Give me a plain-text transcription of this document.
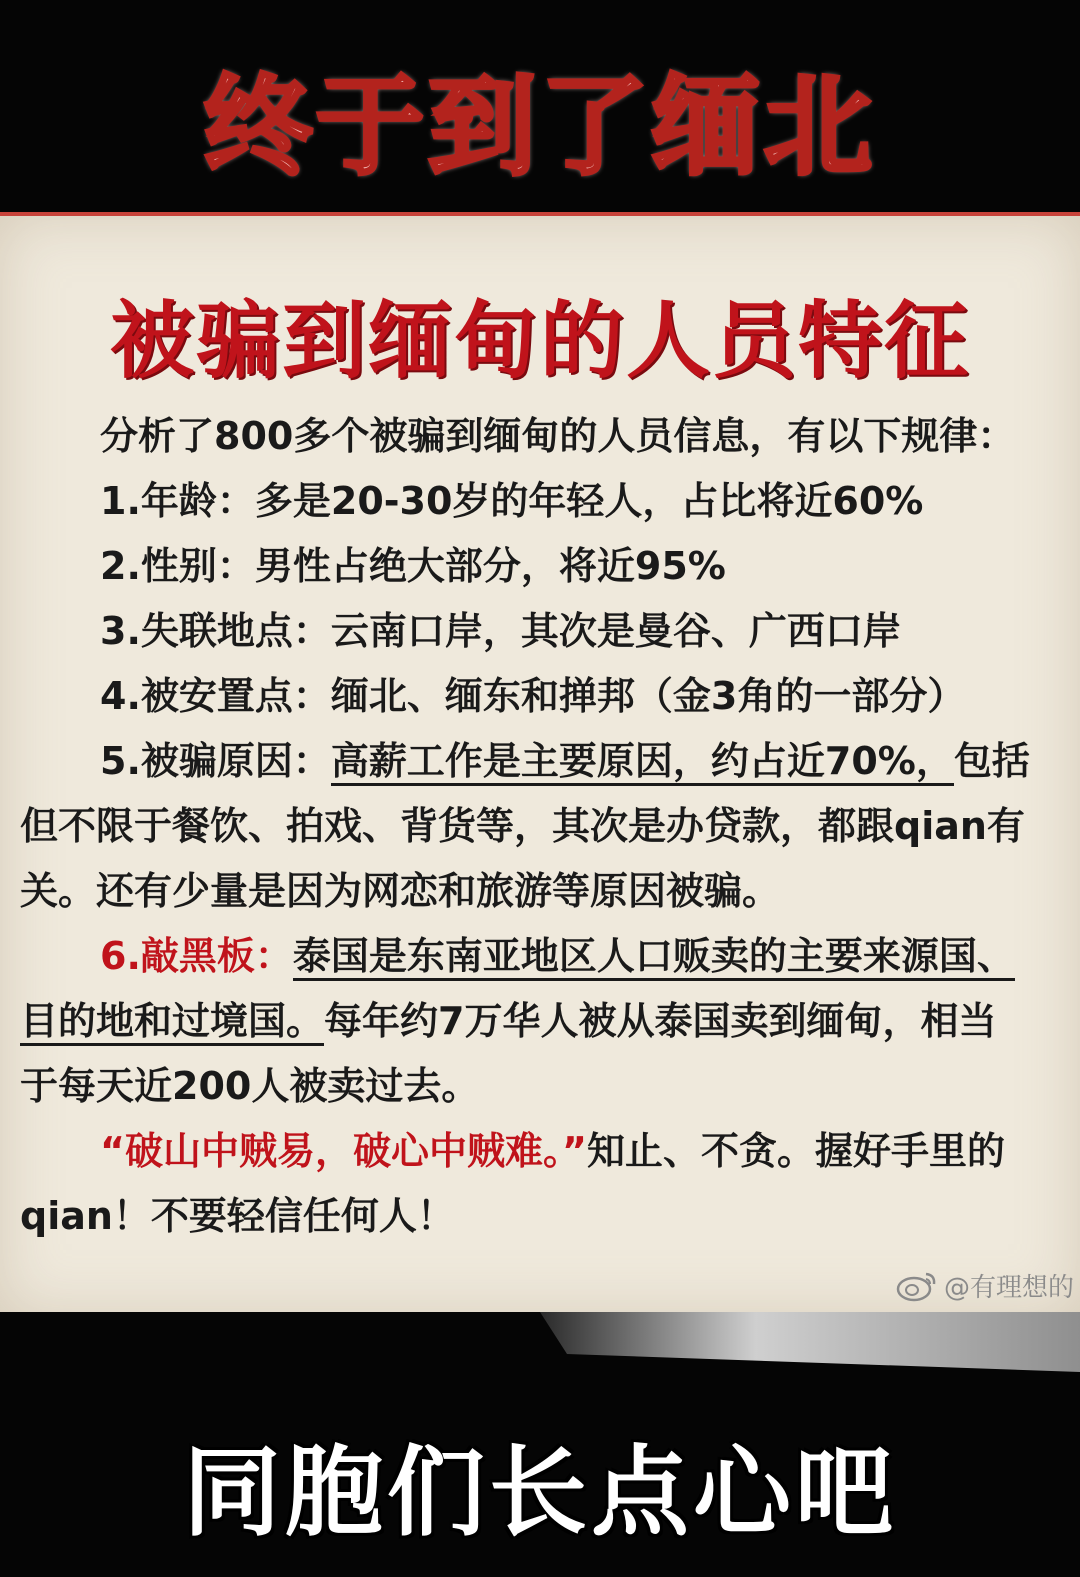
终于到了缅北
被骗到缅甸的人员特征

分析了800多个被骗到缅甸的人员信息，有以下规律：

1.年龄：多是20-30岁的年轻人，占比将近60%

2.性别：男性占绝大部分，将近95%

3.失联地点：云南口岸，其次是曼谷、广西口岸

4.被安置点：缅北、缅东和掸邦（金3角的一部分）

5.被骗原因：高薪工作是主要原因，约占近70%，包括但不限于餐饮、拍戏、背货等，其次是办贷款，都跟qian有关。还有少量是因为网恋和旅游等原因被骗。

6.敲黑板：泰国是东南亚地区人口贩卖的主要来源国、目的地和过境国。每年约7万华人被从泰国卖到缅甸，相当于每天近200人被卖过去。

“破山中贼易，破心中贼难。”知止、不贪。握好手里的qian！不要轻信任何人！

@有理想的
同胞们长点心吧
